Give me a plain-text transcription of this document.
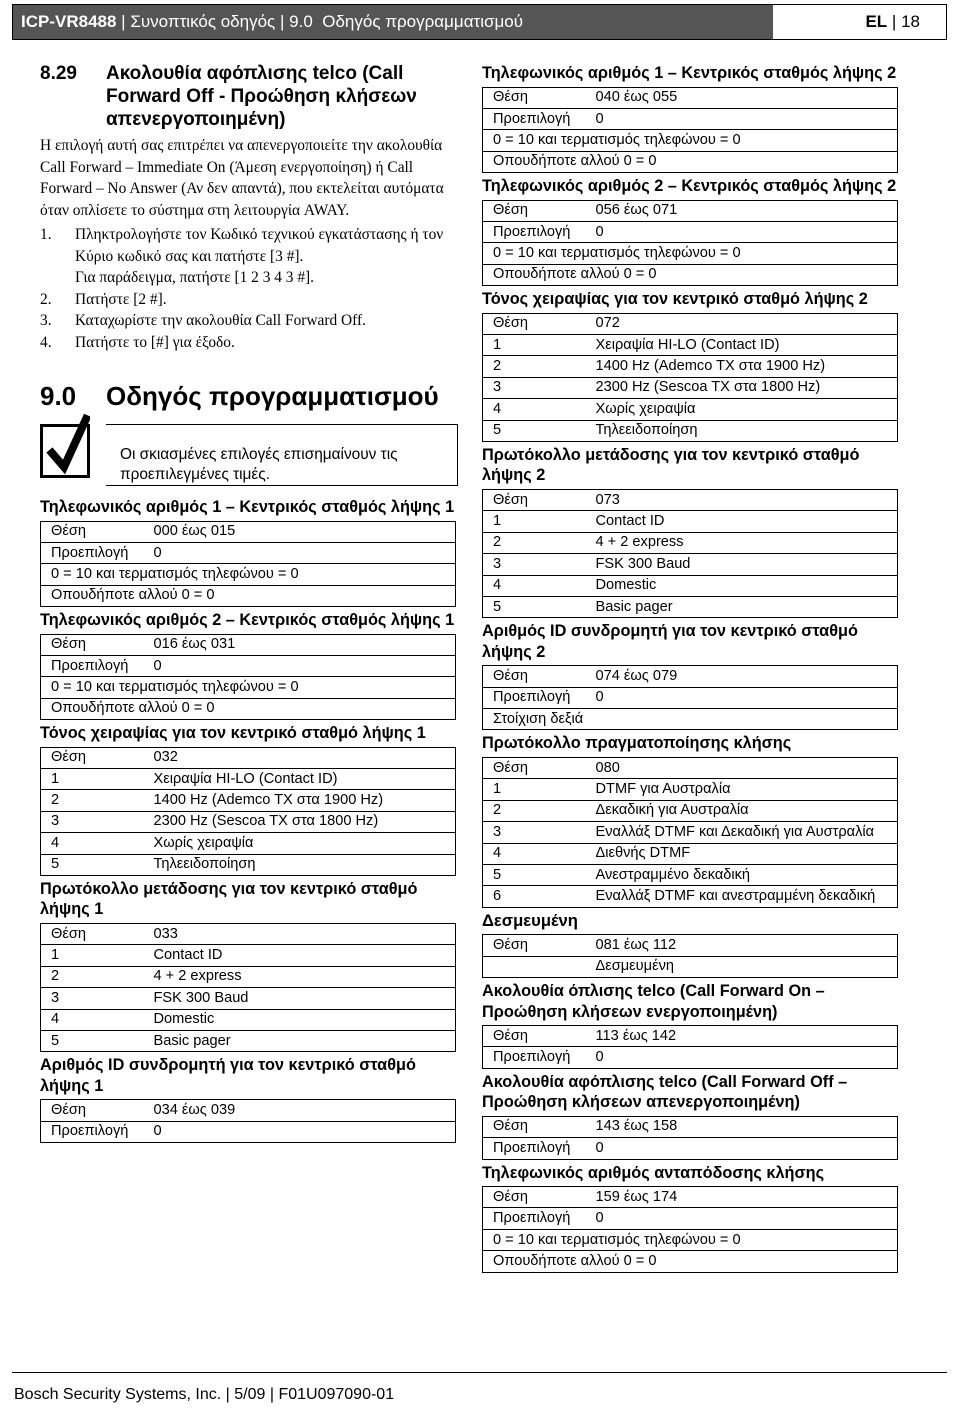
ICP-VR8488 | Συνοπτικός οδηγός | 9.0 Οδηγός προγραμματισμού	EL | 18
8.29 Ακολουθία αφόπλισης telco (Call Forward Off - Προώθηση κλήσεων απενεργοποιημένη)
Η επιλογή αυτή σας επιτρέπει να απενεργοποιείτε την ακολουθία Call Forward – Immediate On (Άμεση ενεργοποίηση) ή Call Forward – No Answer (Αν δεν απαντά), που εκτελείται αυτόματα όταν οπλίσετε το σύστημα στη λειτουργία AWAY.
1. Πληκτρολογήστε τον Κωδικό τεχνικού εγκατάστασης ή τον Κύριο κωδικό σας και πατήστε [3 #].
Για παράδειγμα, πατήστε [1 2 3 4 3 #].
2. Πατήστε [2 #].
3. Καταχωρίστε την ακολουθία Call Forward Off.
4. Πατήστε το [#] για έξοδο.
9.0 Οδηγός προγραμματισμού
Οι σκιασμένες επιλογές επισημαίνουν τις προεπιλεγμένες τιμές.
Τηλεφωνικός αριθμός 1 – Κεντρικός σταθμός λήψης 1
Θέση	000 έως 015
Προεπιλογή	0
0 = 10 και τερματισμός τηλεφώνου = 0	
Οπουδήποτε αλλού 0 = 0	
Τηλεφωνικός αριθμός 2 – Κεντρικός σταθμός λήψης 1
Θέση	016 έως 031
Προεπιλογή	0
0 = 10 και τερματισμός τηλεφώνου = 0	
Οπουδήποτε αλλού 0 = 0	
Τόνος χειραψίας για τον κεντρικό σταθμό λήψης 1
Θέση	032
1	Χειραψία HI-LO (Contact ID)
2	1400 Hz (Ademco TX στα 1900 Hz)
3	2300 Hz (Sescoa TX στα 1800 Hz)
4	Χωρίς χειραψία
5	Τηλεειδοποίηση
Πρωτόκολλο μετάδοσης για τον κεντρικό σταθμό λήψης 1
Θέση	033
1	Contact ID
2	4 + 2 express
3	FSK 300 Baud
4	Domestic
5	Basic pager
Αριθμός ID συνδρομητή για τον κεντρικό σταθμό λήψης 1
Θέση	034 έως 039
Προεπιλογή	0
Τηλεφωνικός αριθμός 1 – Κεντρικός σταθμός λήψης 2
Θέση	040 έως 055
Προεπιλογή	0
0 = 10 και τερματισμός τηλεφώνου = 0	
Οπουδήποτε αλλού 0 = 0	
Τηλεφωνικός αριθμός 2 – Κεντρικός σταθμός λήψης 2
Θέση	056 έως 071
Προεπιλογή	0
0 = 10 και τερματισμός τηλεφώνου = 0	
Οπουδήποτε αλλού 0 = 0	
Τόνος χειραψίας για τον κεντρικό σταθμό λήψης 2
Θέση	072
1	Χειραψία HI-LO (Contact ID)
2	1400 Hz (Ademco TX στα 1900 Hz)
3	2300 Hz (Sescoa TX στα 1800 Hz)
4	Χωρίς χειραψία
5	Τηλεειδοποίηση
Πρωτόκολλο μετάδοσης για τον κεντρικό σταθμό λήψης 2
Θέση	073
1	Contact ID
2	4 + 2 express
3	FSK 300 Baud
4	Domestic
5	Basic pager
Αριθμός ID συνδρομητή για τον κεντρικό σταθμό λήψης 2
Θέση	074 έως 079
Προεπιλογή	0
Στοίχιση δεξιά	
Πρωτόκολλο πραγματοποίησης κλήσης
Θέση	080
1	DTMF για Αυστραλία
2	Δεκαδική για Αυστραλία
3	Εναλλάξ DTMF και Δεκαδική για Αυστραλία
4	Διεθνής DTMF
5	Ανεστραμμένο δεκαδική
6	Εναλλάξ DTMF και ανεστραμμένη δεκαδική
Δεσμευμένη
Θέση	081 έως 112
	Δεσμευμένη
Ακολουθία όπλισης telco (Call Forward On – Προώθηση κλήσεων ενεργοποιημένη)
Θέση	113 έως 142
Προεπιλογή	0
Ακολουθία αφόπλισης telco (Call Forward Off – Προώθηση κλήσεων απενεργοποιημένη)
Θέση	143 έως 158
Προεπιλογή	0
Τηλεφωνικός αριθμός ανταπόδοσης κλήσης
Θέση	159 έως 174
Προεπιλογή	0
0 = 10 και τερματισμός τηλεφώνου = 0	
Οπουδήποτε αλλού 0 = 0	
Bosch Security Systems, Inc. | 5/09 | F01U097090-01
